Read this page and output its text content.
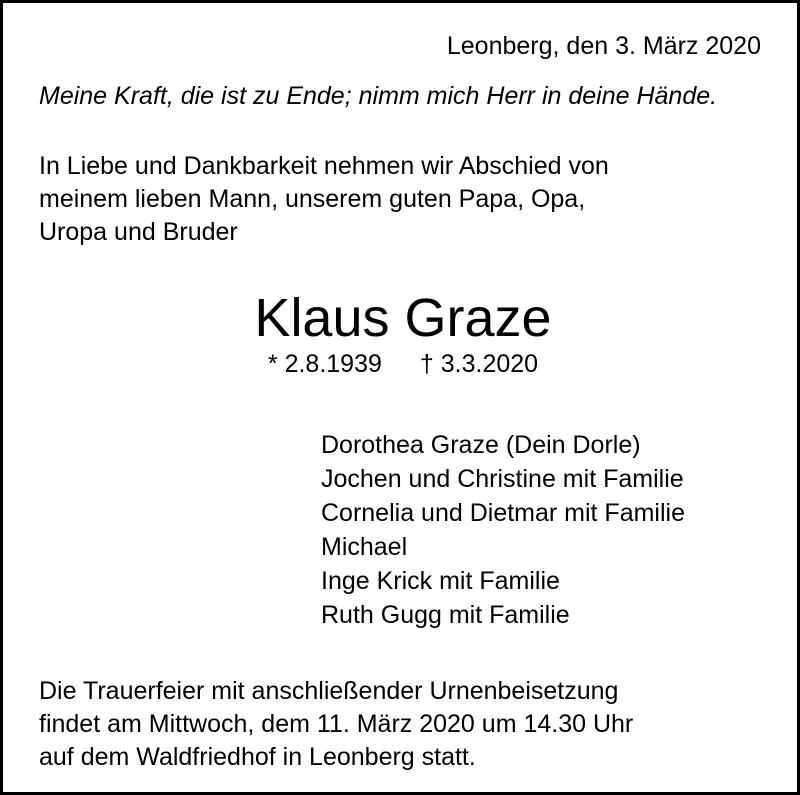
Leonberg, den 3. März 2020
Meine Kraft, die ist zu Ende; nimm mich Herr in deine Hände.
In Liebe und Dankbarkeit nehmen wir Abschied von
meinem lieben Mann, unserem guten Papa, Opa,
Uropa und Bruder
Klaus Graze
* 2.8.1939 † 3.3.2020
Dorothea Graze (Dein Dorle)
Jochen und Christine mit Familie
Cornelia und Dietmar mit Familie
Michael
Inge Krick mit Familie
Ruth Gugg mit Familie
Die Trauerfeier mit anschließender Urnenbeisetzung
findet am Mittwoch, dem 11. März 2020 um 14.30 Uhr
auf dem Waldfriedhof in Leonberg statt.
